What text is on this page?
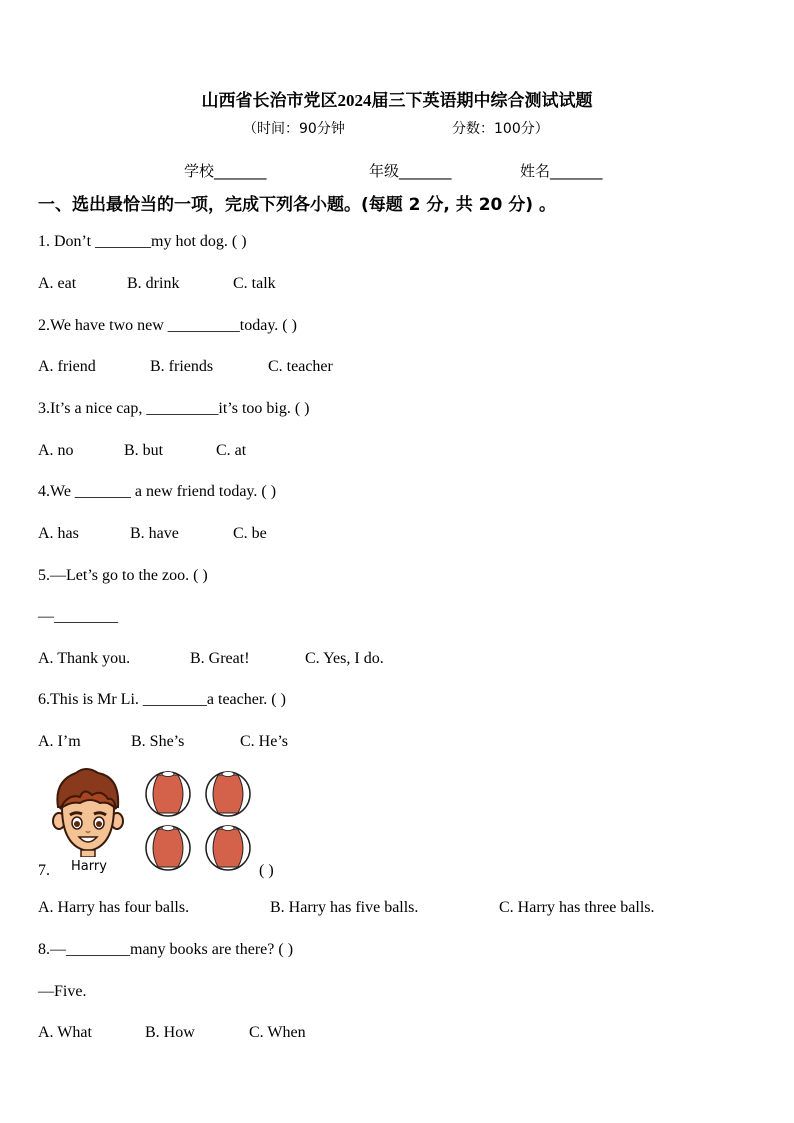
山西省长治市党区2024届三下英语期中综合测试试题
（时间：90分钟	分数：100分）
学校_______	年级_______	姓名_______
一、选出最恰当的一项，完成下列各小题。(每题 2 分, 共 20 分) 。
1. Don’t _______my hot dog. ( )
A. eat	B. drink	C. talk
2.We have two new _________today. ( )
A. friend	B. friends	C. teacher
3.It’s a nice cap, _________it’s too big. ( )
A. no	B. but	C. at
4.We _______ a new friend today. ( )
A. has	B. have	C. be
5.—Let’s go to the zoo. ( )
—________
A. Thank you.	B. Great!	C. Yes, I do.
6.This is Mr Li. ________a teacher. ( )
A. I’m	B. She’s	C. He’s
Harry
7.	( )
A. Harry has four balls.	B. Harry has five balls.	C. Harry has three balls.
8.—________many books are there? ( )
—Five.
A. What	B. How	C. When
